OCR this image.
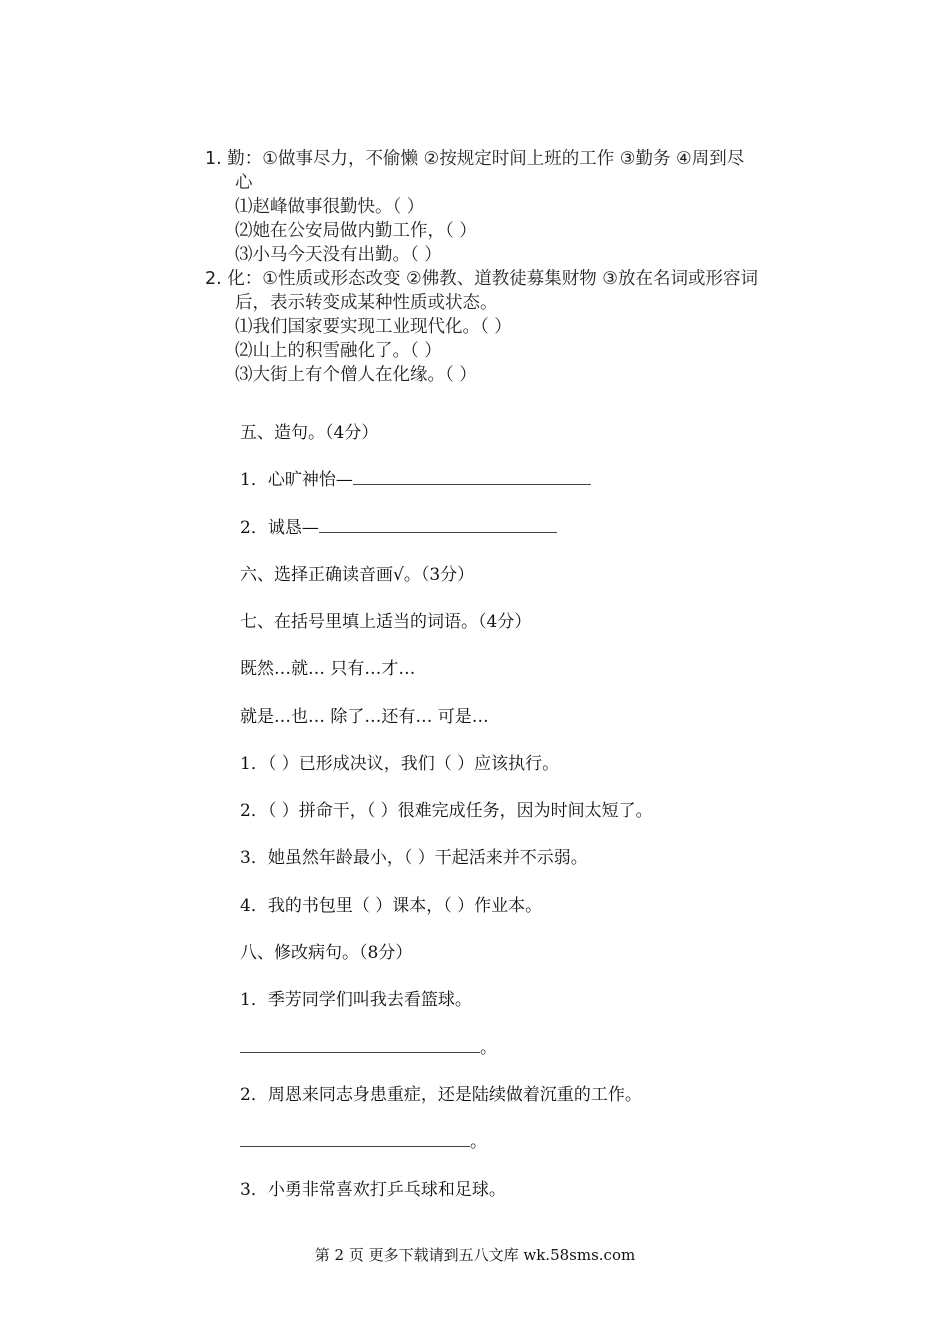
1. 勤：①做事尽力，不偷懒 ②按规定时间上班的工作 ③勤务 ④周到尽
心
⑴赵峰做事很勤快。（ ）
⑵她在公安局做内勤工作，（ ）
⑶小马今天没有出勤。（ ）
2. 化：①性质或形态改变 ②佛教、道教徒募集财物 ③放在名词或形容词
后，表示转变成某种性质或状态。
⑴我们国家要实现工业现代化。（ ）
⑵山上的积雪融化了。（ ）
⑶大街上有个僧人在化缘。（ ）
五、造句。（4分）
1．心旷神怡—
2．诚恳—
六、选择正确读音画√。（3分）
七、在括号里填上适当的词语。（4分）
既然…就… 只有…才…
就是…也… 除了…还有… 可是…
1．（ ）已形成决议，我们（ ）应该执行。
2．（ ）拼命干，（ ）很难完成任务，因为时间太短了。
3．她虽然年龄最小，（ ）干起活来并不示弱。
4．我的书包里（ ）课本，（ ）作业本。
八、修改病句。（8分）
1．季芳同学们叫我去看篮球。
。
2．周恩来同志身患重症，还是陆续做着沉重的工作。
。
3．小勇非常喜欢打乒乓球和足球。
第 2 页 更多下载请到五八文库 wk.58sms.com
